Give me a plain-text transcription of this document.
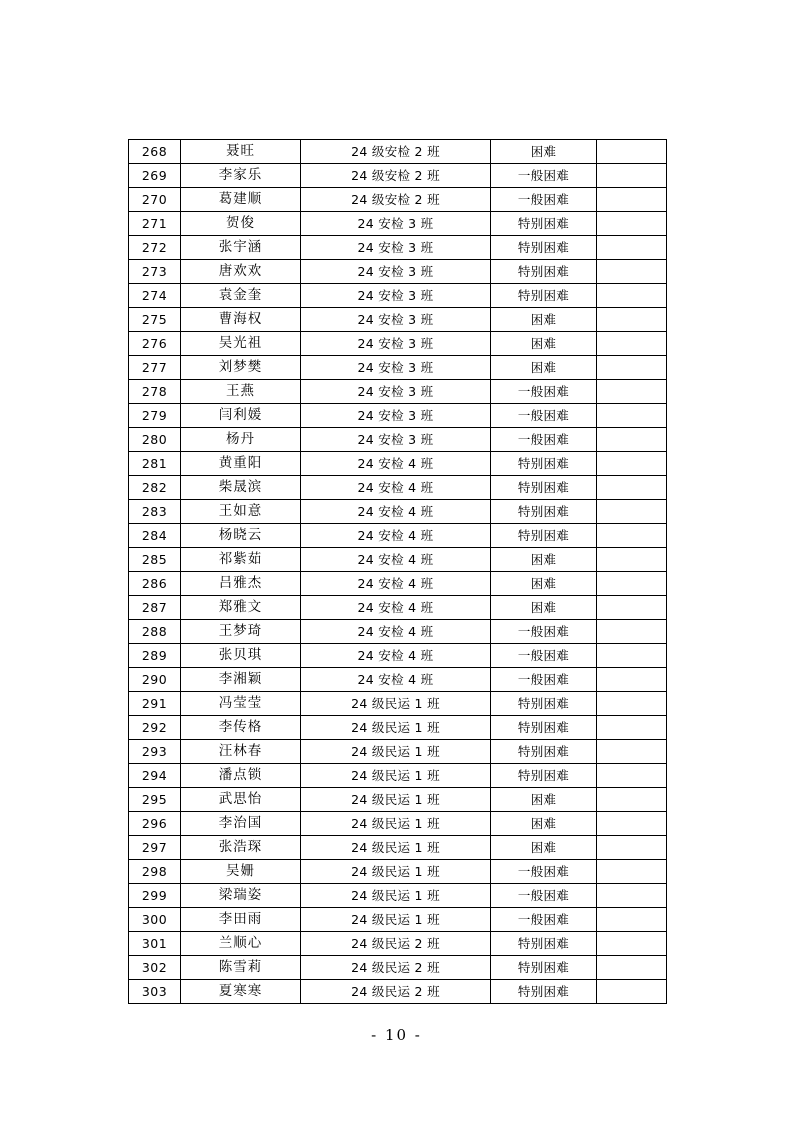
268	聂旺	24 级安检 2 班	困难	
269	李家乐	24 级安检 2 班	一般困难	
270	葛建顺	24 级安检 2 班	一般困难	
271	贺俊	24 安检 3 班	特别困难	
272	张宇涵	24 安检 3 班	特别困难	
273	唐欢欢	24 安检 3 班	特别困难	
274	袁金奎	24 安检 3 班	特别困难	
275	曹海权	24 安检 3 班	困难	
276	吴光祖	24 安检 3 班	困难	
277	刘梦樊	24 安检 3 班	困难	
278	王燕	24 安检 3 班	一般困难	
279	闫利媛	24 安检 3 班	一般困难	
280	杨丹	24 安检 3 班	一般困难	
281	黄重阳	24 安检 4 班	特别困难	
282	柴晟滨	24 安检 4 班	特别困难	
283	王如意	24 安检 4 班	特别困难	
284	杨晓云	24 安检 4 班	特别困难	
285	祁紫茹	24 安检 4 班	困难	
286	吕雅杰	24 安检 4 班	困难	
287	郑雅文	24 安检 4 班	困难	
288	王梦琦	24 安检 4 班	一般困难	
289	张贝琪	24 安检 4 班	一般困难	
290	李湘颖	24 安检 4 班	一般困难	
291	冯莹莹	24 级民运 1 班	特别困难	
292	李传格	24 级民运 1 班	特别困难	
293	汪林春	24 级民运 1 班	特别困难	
294	潘点锁	24 级民运 1 班	特别困难	
295	武思怡	24 级民运 1 班	困难	
296	李治国	24 级民运 1 班	困难	
297	张浩琛	24 级民运 1 班	困难	
298	吴姗	24 级民运 1 班	一般困难	
299	梁瑞姿	24 级民运 1 班	一般困难	
300	李田雨	24 级民运 1 班	一般困难	
301	兰顺心	24 级民运 2 班	特别困难	
302	陈雪莉	24 级民运 2 班	特别困难	
303	夏寒寒	24 级民运 2 班	特别困难	
- 10 -
